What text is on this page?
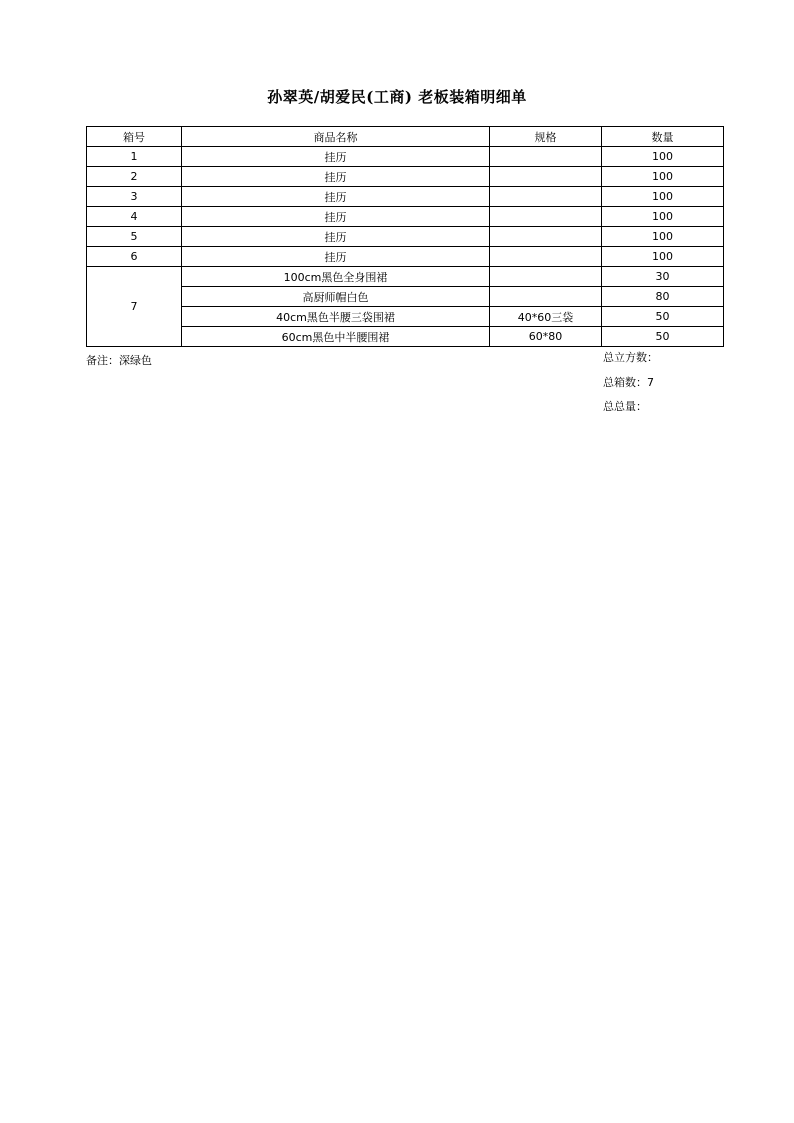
孙翠英/胡爱民(工商) 老板装箱明细单
箱号	商品名称	规格	数量
1	挂历		100
2	挂历		100
3	挂历		100
4	挂历		100
5	挂历		100
6	挂历		100
7	100cm黑色全身围裙		30
	高厨师帽白色		80
	40cm黑色半腰三袋围裙	40*60三袋	50
	60cm黑色中半腰围裙	60*80	50
备注：深绿色	总立方数：
总箱数：7
总总量：
